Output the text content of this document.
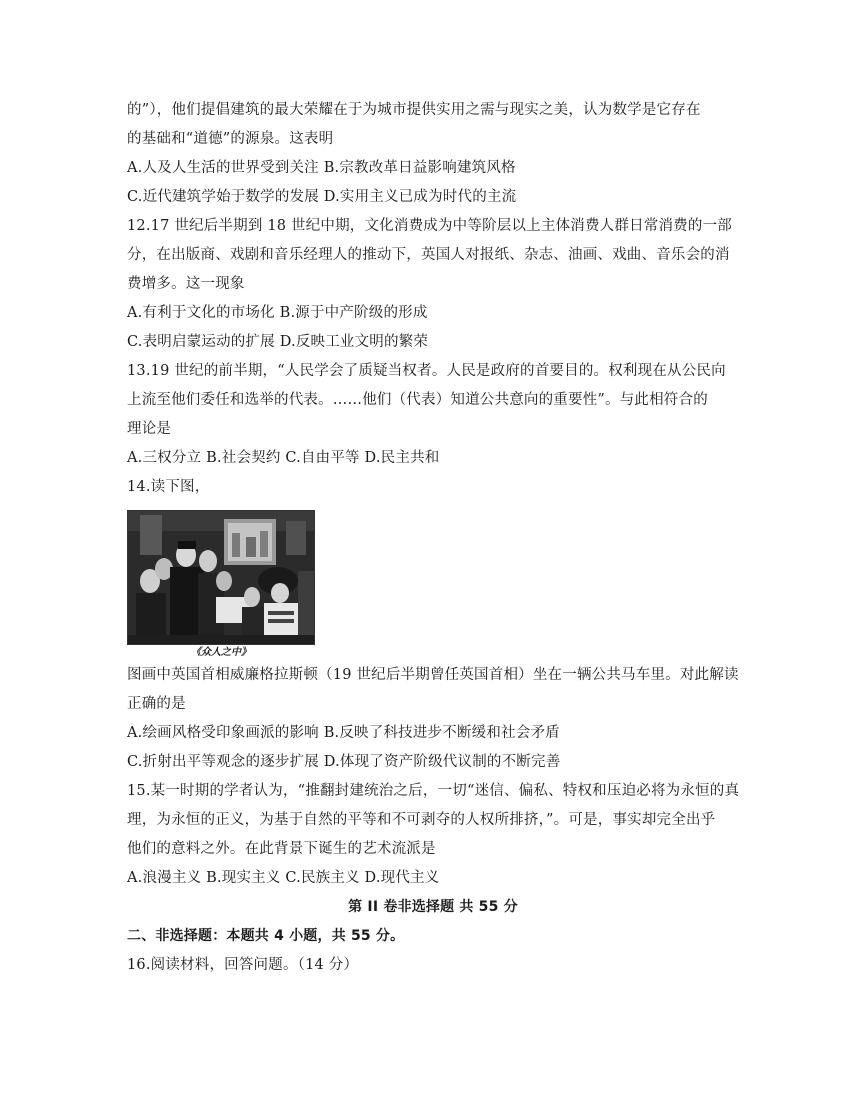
的”），他们提倡建筑的最大荣耀在于为城市提供实用之需与现实之美，认为数学是它存在
的基础和“道德”的源泉。这表明
A.人及人生活的世界受到关注 B.宗教改革日益影响建筑风格
C.近代建筑学始于数学的发展 D.实用主义已成为时代的主流
12.17 世纪后半期到 18 世纪中期，文化消费成为中等阶层以上主体消费人群日常消费的一部
分，在出版商、戏剧和音乐经理人的推动下，英国人对报纸、杂志、油画、戏曲、音乐会的消
费增多。这一现象
A.有利于文化的市场化 B.源于中产阶级的形成
C.表明启蒙运动的扩展 D.反映工业文明的繁荣
13.19 世纪的前半期，“人民学会了质疑当权者。人民是政府的首要目的。权利现在从公民向
上流至他们委任和选举的代表。……他们（代表）知道公共意向的重要性”。与此相符合的
理论是
A.三权分立 B.社会契约 C.自由平等 D.民主共和
14.读下图，
《众人之中》
图画中英国首相威廉格拉斯顿（19 世纪后半期曾任英国首相）坐在一辆公共马车里。对此解读
正确的是
A.绘画风格受印象画派的影响 B.反映了科技进步不断缓和社会矛盾
C.折射出平等观念的逐步扩展 D.体现了资产阶级代议制的不断完善
15.某一时期的学者认为，“推翻封建统治之后，一切“迷信、偏私、特权和压迫必将为永恒的真
理，为永恒的正义，为基于自然的平等和不可剥夺的人权所排挤，”。可是，事实却完全出乎
他们的意料之外。在此背景下诞生的艺术流派是
A.浪漫主义 B.现实主义 C.民族主义 D.现代主义
第 II 卷非选择题 共 55 分
二、非选择题：本题共 4 小题，共 55 分。
16.阅读材料，回答问题。（14 分）
